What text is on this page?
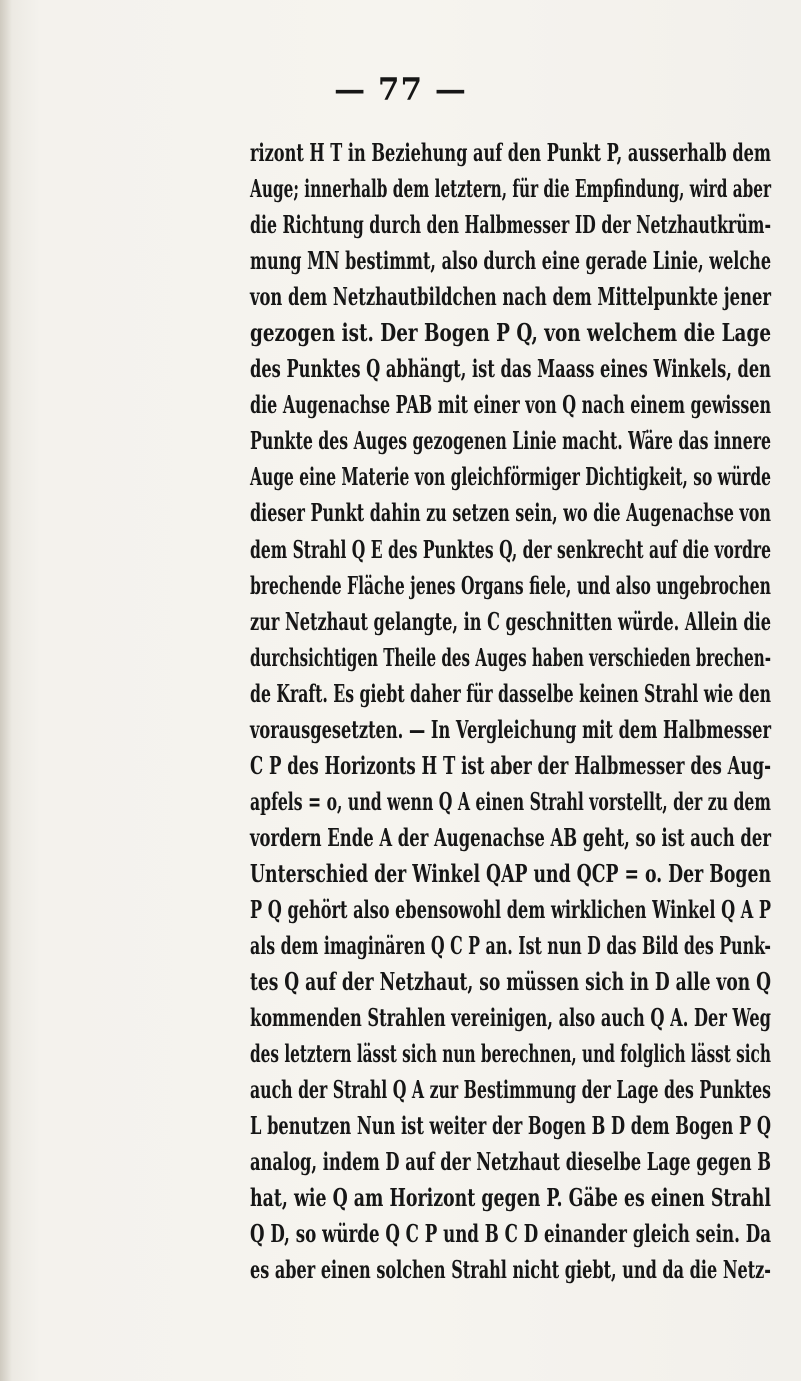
— 77 —
rizont H T in Beziehung auf den Punkt P, ausserhalb dem
Auge; innerhalb dem letztern, für die Empfindung, wird aber
die Richtung durch den Halbmesser ID der Netzhautkrüm-
mung MN bestimmt, also durch eine gerade Linie, welche
von dem Netzhautbildchen nach dem Mittelpunkte jener
gezogen ist. Der Bogen P Q, von welchem die Lage
des Punktes Q abhängt, ist das Maass eines Winkels, den
die Augenachse PAB mit einer von Q nach einem gewissen
Punkte des Auges gezogenen Linie macht. Wäre das innere
Auge eine Materie von gleichförmiger Dichtigkeit, so würde
dieser Punkt dahin zu setzen sein, wo die Augenachse von
dem Strahl Q E des Punktes Q, der senkrecht auf die vordre
brechende Fläche jenes Organs fiele, und also ungebrochen
zur Netzhaut gelangte, in C geschnitten würde. Allein die
durchsichtigen Theile des Auges haben verschieden brechen-
de Kraft. Es giebt daher für dasselbe keinen Strahl wie den
vorausgesetzten. — In Vergleichung mit dem Halbmesser
C P des Horizonts H T ist aber der Halbmesser des Aug-
apfels = o, und wenn Q A einen Strahl vorstellt, der zu dem
vordern Ende A der Augenachse AB geht, so ist auch der
Unterschied der Winkel QAP und QCP = o. Der Bogen
P Q gehört also ebensowohl dem wirklichen Winkel Q A P
als dem imaginären Q C P an. Ist nun D das Bild des Punk-
tes Q auf der Netzhaut, so müssen sich in D alle von Q
kommenden Strahlen vereinigen, also auch Q A. Der Weg
des letztern lässt sich nun berechnen, und folglich lässt sich
auch der Strahl Q A zur Bestimmung der Lage des Punktes
L benutzen Nun ist weiter der Bogen B D dem Bogen P Q
analog, indem D auf der Netzhaut dieselbe Lage gegen B
hat, wie Q am Horizont gegen P. Gäbe es einen Strahl
Q D, so würde Q C P und B C D einander gleich sein. Da
es aber einen solchen Strahl nicht giebt, und da die Netz-
